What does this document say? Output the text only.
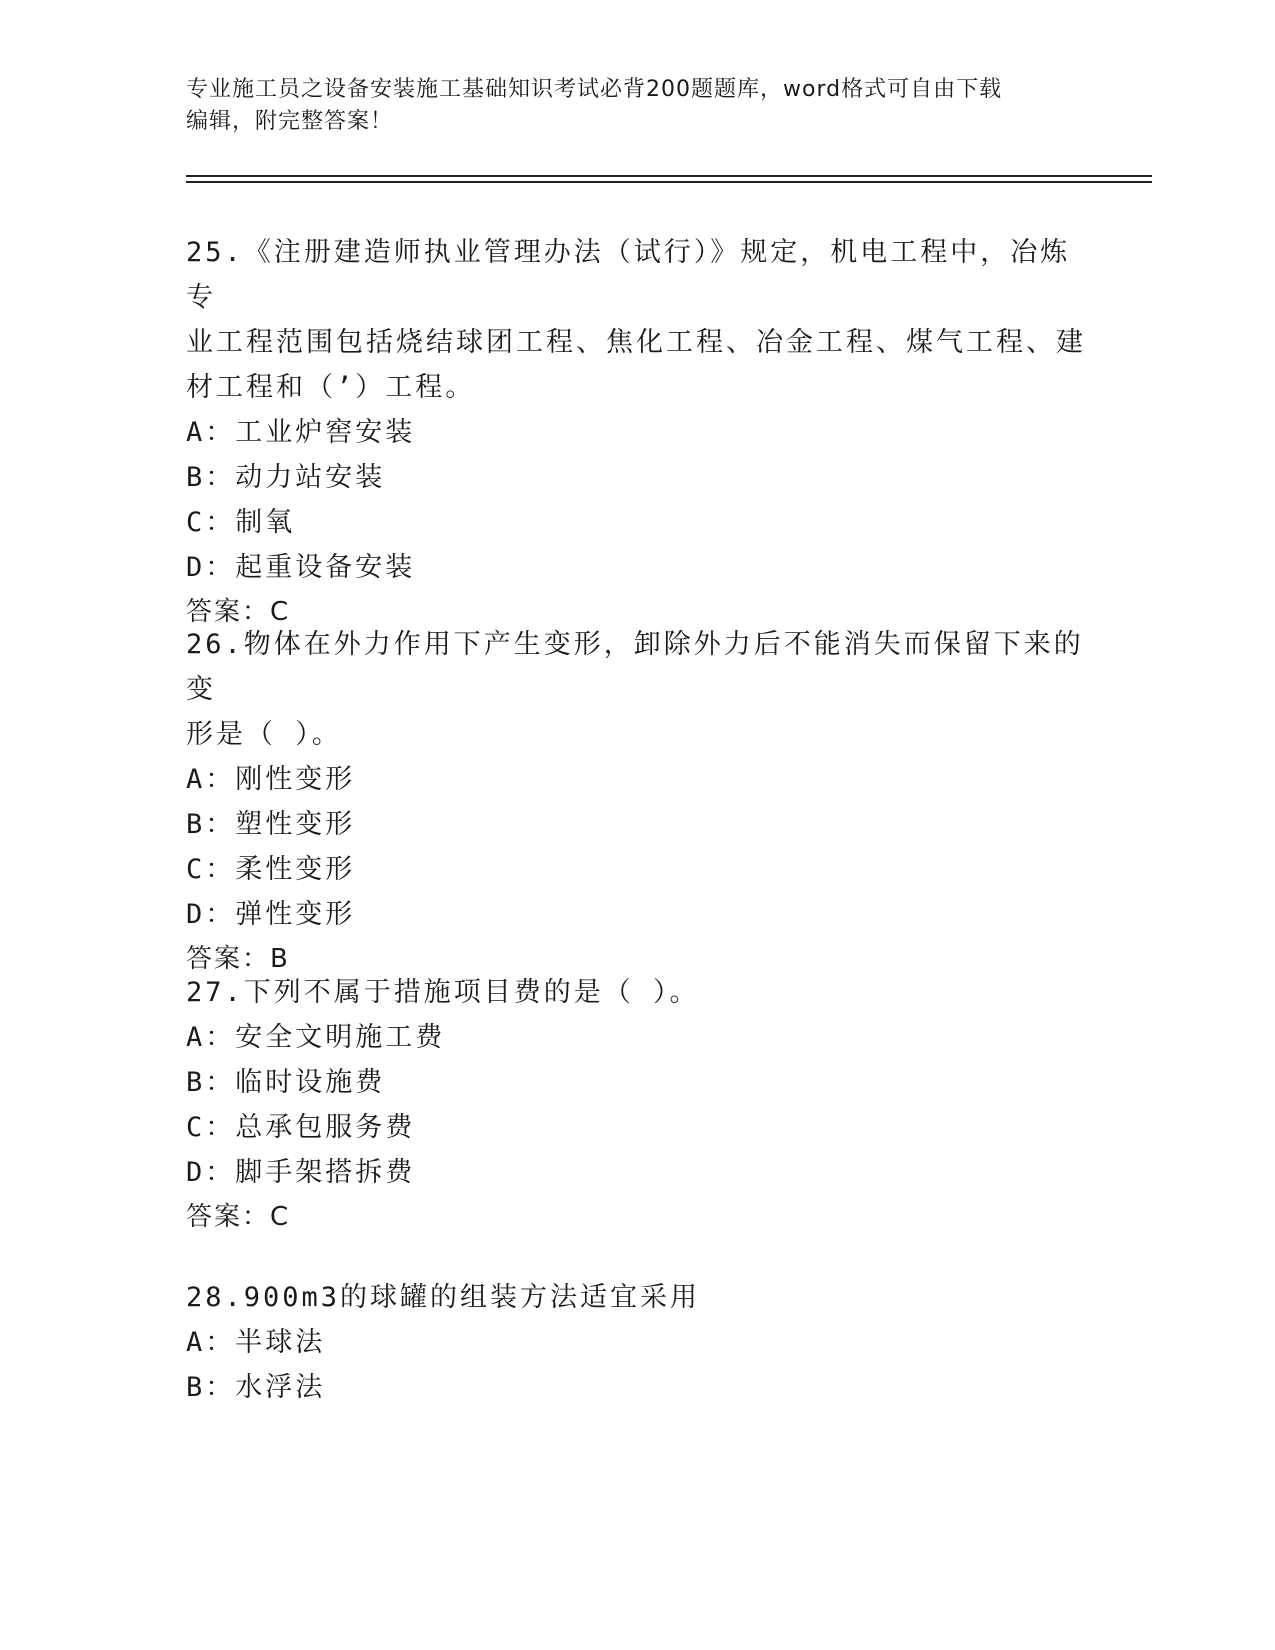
专业施工员之设备安装施工基础知识考试必背200题题库，word格式可自由下载
编辑，附完整答案！

25.《注册建造师执业管理办法（试行）》规定，机电工程中，冶炼专

业工程范围包括烧结球团工程、焦化工程、冶金工程、煤气工程、建

材工程和（’）工程。

A：工业炉窖安装

B：动力站安装

C：制氧

D：起重设备安装

答案：C

26.物体在外力作用下产生变形，卸除外力后不能消失而保留下来的变

形是（ ）。

A：刚性变形

B：塑性变形

C：柔性变形

D：弹性变形

答案：B

27.下列不属于措施项目费的是（ ）。

A：安全文明施工费

B：临时设施费

C：总承包服务费

D：脚手架搭拆费

答案：C

28.900m3的球罐的组装方法适宜采用

A：半球法

B：水浮法
